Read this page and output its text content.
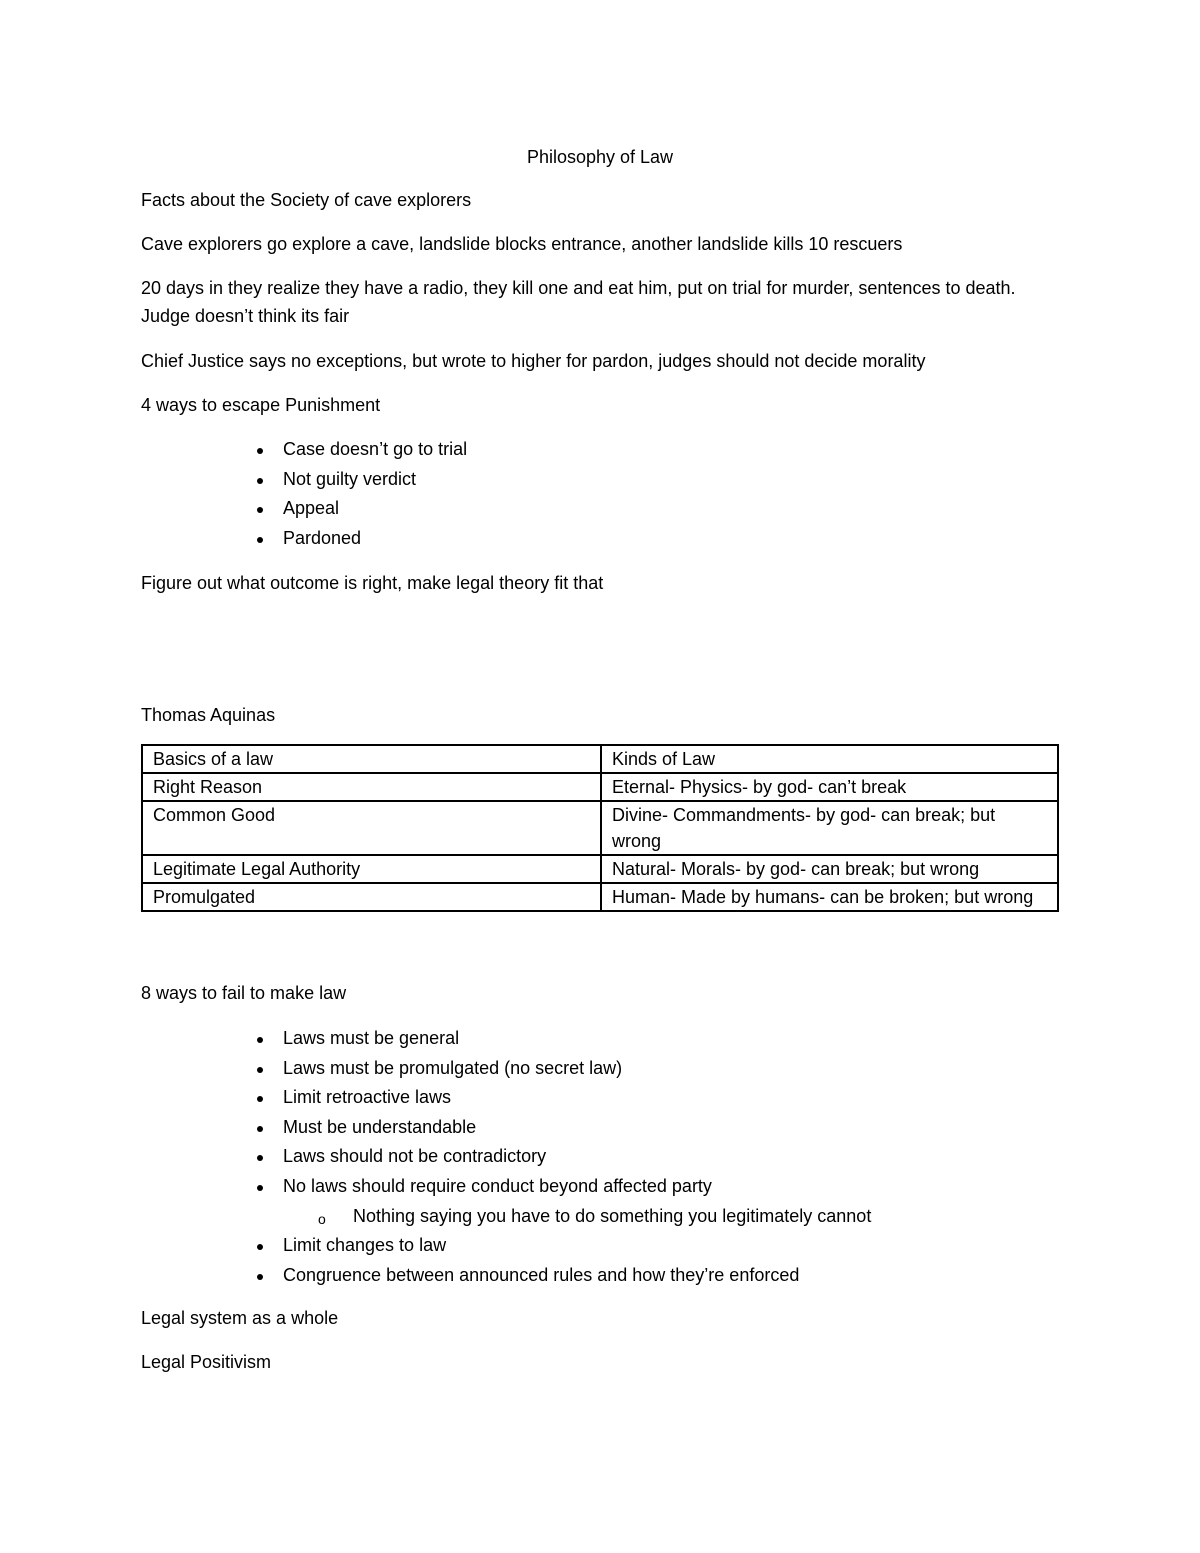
Philosophy of Law
Facts about the Society of cave explorers
Cave explorers go explore a cave, landslide blocks entrance, another landslide kills 10 rescuers
20 days in they realize they have a radio, they kill one and eat him, put on trial for murder, sentences to death. Judge doesn’t think its fair
Chief Justice says no exceptions, but wrote to higher for pardon, judges should not decide morality
4 ways to escape Punishment
Case doesn’t go to trial
Not guilty verdict
Appeal
Pardoned
Figure out what outcome is right, make legal theory fit that
Thomas Aquinas
Basics of a law	Kinds of Law
Right Reason	Eternal- Physics- by god- can’t break
Common Good	Divine- Commandments- by god- can break; but wrong
Legitimate Legal Authority	Natural- Morals- by god- can break; but wrong
Promulgated	Human- Made by humans- can be broken; but wrong
8 ways to fail to make law
Laws must be general
Laws must be promulgated (no secret law)
Limit retroactive laws
Must be understandable
Laws should not be contradictory
No laws should require conduct beyond affected party
o Nothing saying you have to do something you legitimately cannot
Limit changes to law
Congruence between announced rules and how they’re enforced
Legal system as a whole
Legal Positivism
